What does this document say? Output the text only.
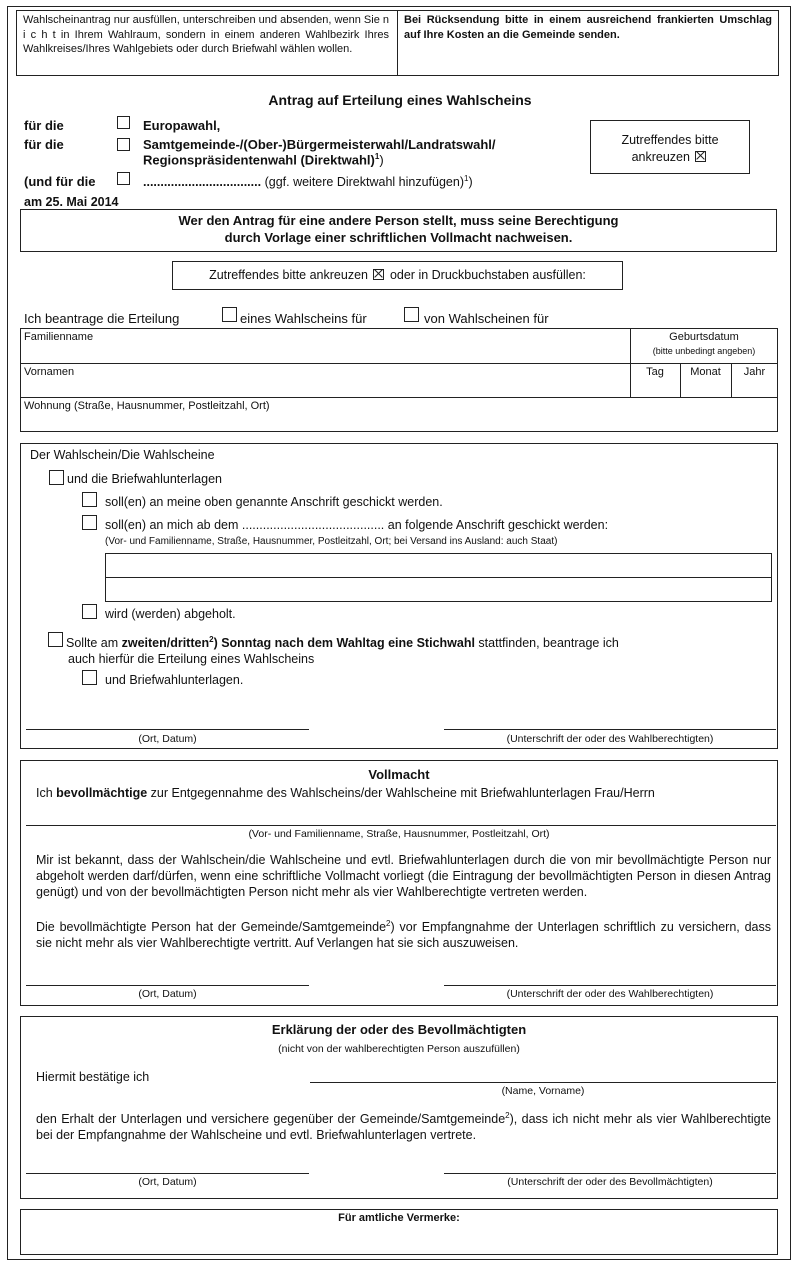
Wahlscheinantrag nur ausfüllen, unterschreiben und absenden, wenn Sie n i c h t in Ihrem Wahlraum, sondern in einem anderen Wahlbezirk Ihres Wahlkreises/Ihres Wahlgebiets oder durch Briefwahl wählen wollen.
Bei Rücksendung bitte in einem ausreichend frankierten Umschlag auf Ihre Kosten an die Gemeinde senden.
Antrag auf Erteilung eines Wahlscheins
für die	Europawahl,
für die	Samtgemeinde-/(Ober-)Bürgermeisterwahl/Landratswahl/
Regionspräsidentenwahl (Direktwahl)$^1$)
(und für die	.................................. (ggf. weitere Direktwahl hinzufügen)$^1$)
am 25. Mai 2014
Zutreffendes bitte
ankreuzen
Wer den Antrag für eine andere Person stellt, muss seine Berechtigung
durch Vorlage einer schriftlichen Vollmacht nachweisen.
Zutreffendes bitte ankreuzen ☒ oder in Druckbuchstaben ausfüllen:
Ich beantrage die Erteilung	eines Wahlscheins für	von Wahlscheinen für
Familienname	Geburtsdatum
(bitte unbedingt angeben)
Vornamen	Tag	Monat	Jahr
Wohnung (Straße, Hausnummer, Postleitzahl, Ort)
Der Wahlschein/Die Wahlscheine
und die Briefwahlunterlagen
soll(en) an meine oben genannte Anschrift geschickt werden.
soll(en) an mich ab dem ......................................... an folgende Anschrift geschickt werden:
(Vor- und Familienname, Straße, Hausnummer, Postleitzahl, Ort; bei Versand ins Ausland: auch Staat)
wird (werden) abgeholt.
Sollte am zweiten/dritten$^2$) Sonntag nach dem Wahltag eine Stichwahl stattfinden, beantrage ich
auch hierfür die Erteilung eines Wahlscheins
und Briefwahlunterlagen.
(Ort, Datum)	(Unterschrift der oder des Wahlberechtigten)
Vollmacht
Ich bevollmächtige zur Entgegennahme des Wahlscheins/der Wahlscheine mit Briefwahlunterlagen Frau/Herrn
(Vor- und Familienname, Straße, Hausnummer, Postleitzahl, Ort)
Mir ist bekannt, dass der Wahlschein/die Wahlscheine und evtl. Briefwahlunterlagen durch die von mir bevollmächtigte Person nur abgeholt werden darf/dürfen, wenn eine schriftliche Vollmacht vorliegt (die Eintragung der bevollmächtigten Person in diesen Antrag genügt) und von der bevollmächtigten Person nicht mehr als vier Wahlberechtigte vertreten werden.
Die bevollmächtigte Person hat der Gemeinde/Samtgemeinde$^2$) vor Empfangnahme der Unterlagen schriftlich zu versichern, dass sie nicht mehr als vier Wahlberechtigte vertritt. Auf Verlangen hat sie sich auszuweisen.
(Ort, Datum)	(Unterschrift der oder des Wahlberechtigten)
Erklärung der oder des Bevollmächtigten
(nicht von der wahlberechtigten Person auszufüllen)
Hiermit bestätige ich
(Name, Vorname)
den Erhalt der Unterlagen und versichere gegenüber der Gemeinde/Samtgemeinde$^2$), dass ich nicht mehr als vier Wahlberechtigte bei der Empfangnahme der Wahlscheine und evtl. Briefwahlunterlagen vertrete.
(Ort, Datum)	(Unterschrift der oder des Bevollmächtigten)
Für amtliche Vermerke:
